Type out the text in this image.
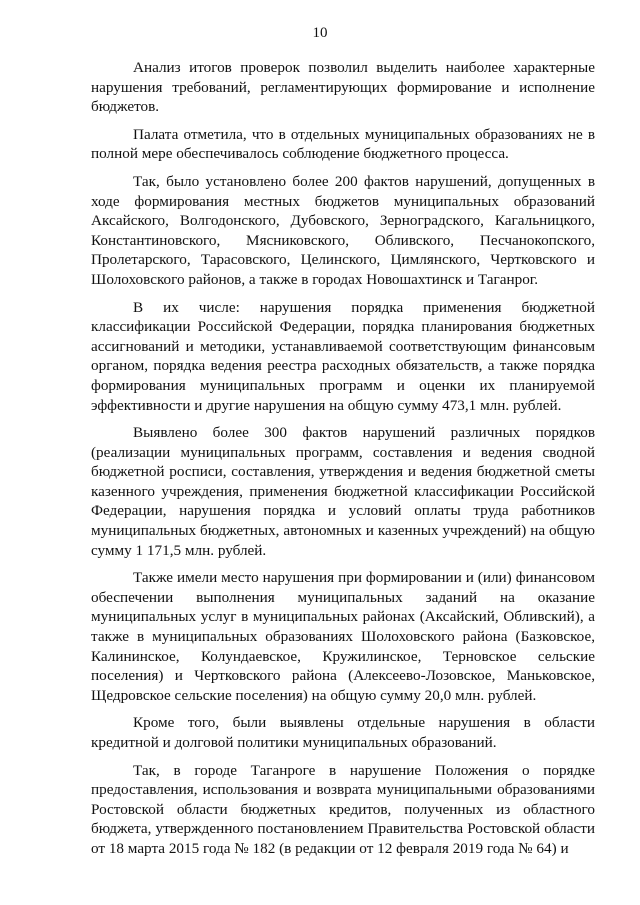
10

Анализ итогов проверок позволил выделить наиболее характерные нарушения требований, регламентирующих формирование и исполнение бюджетов.

Палата отметила, что в отдельных муниципальных образованиях не в полной мере обеспечивалось соблюдение бюджетного процесса.

Так, было установлено более 200 фактов нарушений, допущенных в ходе формирования местных бюджетов муниципальных образований Аксайского, Волгодонского, Дубовского, Зерноградского, Кагальницкого, Константиновского, Мясниковского, Обливского, Песчанокопского, Пролетарского, Тарасовского, Целинского, Цимлянского, Чертковского и Шолоховского районов, а также в городах Новошахтинск и Таганрог.

В их числе: нарушения порядка применения бюджетной классификации Российской Федерации, порядка планирования бюджетных ассигнований и методики, устанавливаемой соответствующим финансовым органом, порядка ведения реестра расходных обязательств, а также порядка формирования муниципальных программ и оценки их планируемой эффективности и другие нарушения на общую сумму 473,1 млн. рублей.

Выявлено более 300 фактов нарушений различных порядков (реализации муниципальных программ, составления и ведения сводной бюджетной росписи, составления, утверждения и ведения бюджетной сметы казенного учреждения, применения бюджетной классификации Российской Федерации, нарушения порядка и условий оплаты труда работников муниципальных бюджетных, автономных и казенных учреждений) на общую сумму 1 171,5 млн. рублей.

Также имели место нарушения при формировании и (или) финансовом обеспечении выполнения муниципальных заданий на оказание муниципальных услуг в муниципальных районах (Аксайский, Обливский), а также в муниципальных образованиях Шолоховского района (Базковское, Калининское, Колундаевское, Кружилинское, Терновское сельские поселения) и Чертковского района (Алексеево-Лозовское, Маньковское, Щедровское сельские поселения) на общую сумму 20,0 млн. рублей.

Кроме того, были выявлены отдельные нарушения в области кредитной и долговой политики муниципальных образований.

Так, в городе Таганроге в нарушение Положения о порядке предоставления, использования и возврата муниципальными образованиями Ростовской области бюджетных кредитов, полученных из областного бюджета, утвержденного постановлением Правительства Ростовской области от 18 марта 2015 года № 182 (в редакции от 12 февраля 2019 года № 64) и
